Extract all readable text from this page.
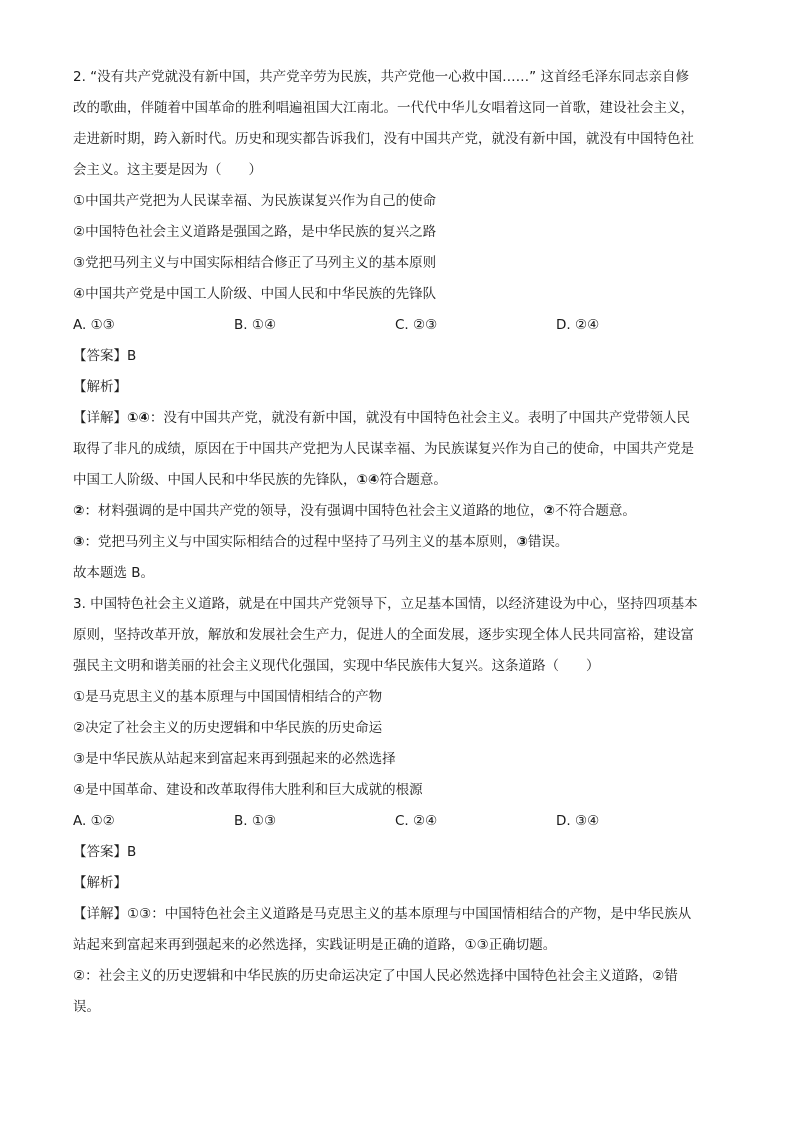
2. “没有共产党就没有新中国，共产党辛劳为民族，共产党他一心救中国……” 这首经毛泽东同志亲自修
改的歌曲，伴随着中国革命的胜利唱遍祖国大江南北。一代代中华儿女唱着这同一首歌，建设社会主义，
走进新时期，跨入新时代。历史和现实都告诉我们，没有中国共产党，就没有新中国，就没有中国特色社
会主义。这主要是因为（　　）
①中国共产党把为人民谋幸福、为民族谋复兴作为自己的使命
②中国特色社会主义道路是强国之路，是中华民族的复兴之路
③党把马列主义与中国实际相结合修正了马列主义的基本原则
④中国共产党是中国工人阶级、中国人民和中华民族的先锋队
A. ①③	B. ①④	C. ②③	D. ②④
【答案】B
【解析】
【详解】①④：没有中国共产党，就没有新中国，就没有中国特色社会主义。表明了中国共产党带领人民
取得了非凡的成绩，原因在于中国共产党把为人民谋幸福、为民族谋复兴作为自己的使命，中国共产党是
中国工人阶级、中国人民和中华民族的先锋队，①④符合题意。
②：材料强调的是中国共产党的领导，没有强调中国特色社会主义道路的地位，②不符合题意。
③：党把马列主义与中国实际相结合的过程中坚持了马列主义的基本原则，③错误。
故本题选 B。
3. 中国特色社会主义道路，就是在中国共产党领导下，立足基本国情，以经济建设为中心，坚持四项基本
原则，坚持改革开放，解放和发展社会生产力，促进人的全面发展，逐步实现全体人民共同富裕，建设富
强民主文明和谐美丽的社会主义现代化强国，实现中华民族伟大复兴。这条道路（　　）
①是马克思主义的基本原理与中国国情相结合的产物
②决定了社会主义的历史逻辑和中华民族的历史命运
③是中华民族从站起来到富起来再到强起来的必然选择
④是中国革命、建设和改革取得伟大胜利和巨大成就的根源
A. ①②	B. ①③	C. ②④	D. ③④
【答案】B
【解析】
【详解】①③：中国特色社会主义道路是马克思主义的基本原理与中国国情相结合的产物，是中华民族从
站起来到富起来再到强起来的必然选择，实践证明是正确的道路，①③正确切题。
②：社会主义的历史逻辑和中华民族的历史命运决定了中国人民必然选择中国特色社会主义道路，②错
误。
